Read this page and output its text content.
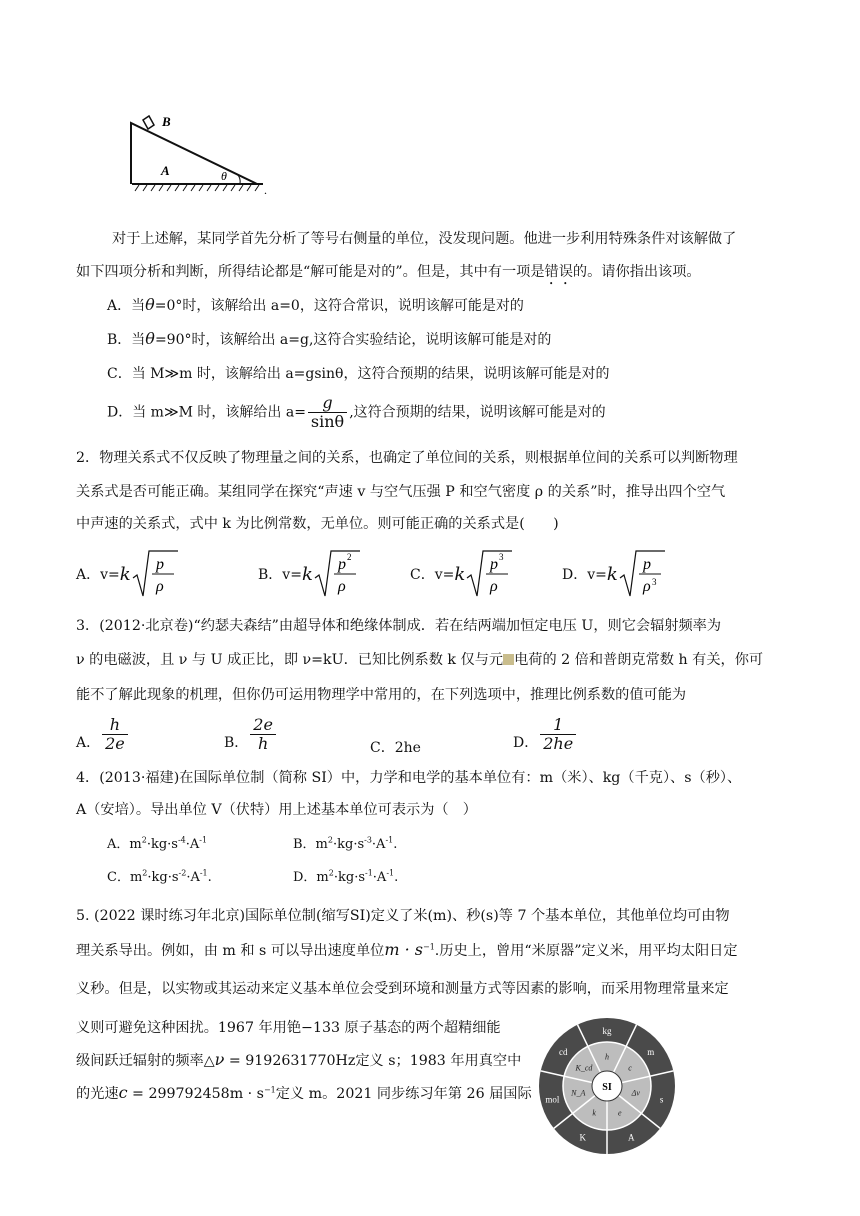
B
A	θ
.
对于上述解，某同学首先分析了等号右侧量的单位，没发现问题。他进一步利用特殊条件对该解做了
如下四项分析和判断，所得结论都是“解可能是对的”。但是，其中有一项是错误的。请你指出该项。
A．当θ=0°时，该解给出 a=0，这符合常识，说明该解可能是对的
B．当θ=90°时，该解给出 a=g,这符合实验结论，说明该解可能是对的
C．当 M≫m 时，该解给出 a=gsinθ，这符合预期的结果，说明该解可能是对的
D．当 m≫M 时，该解给出 $a= \frac{g}{\sin\theta}$ ,这符合预期的结果，说明该解可能是对的
2．物理关系式不仅反映了物理量之间的关系，也确定了单位间的关系，则根据单位间的关系可以判断物理
关系式是否可能正确。某组同学在探究“声速 v 与空气压强 P 和空气密度 ρ 的关系”时，推导出四个空气
中声速的关系式，式中 k 为比例常数，无单位。则可能正确的关系式是(　　)
A．v= k p
ρ
B．v= k p 2
ρ
C．v= k p 3
ρ
D．v= k p
ρ 3
3．(2012·北京卷)“约瑟夫森结”由超导体和绝缘体制成．若在结两端加恒定电压 U，则它会辐射频率为
ν 的电磁波，且 ν 与 U 成正比，即 ν=kU．已知比例系数 k 仅与元 电荷的 2 倍和普朗克常数 h 有关，你可
能不了解此现象的机理，但你仍可运用物理学中常用的，在下列选项中，推理比例系数的值可能为
A． $\frac{h}{2e}$	B． $\frac{2e}{h}$	C．2he	D． $\frac{1}{2he}$
4．(2013·福建)在国际单位制（简称 SI）中，力学和电学的基本单位有：m（米）、kg（千克）、s（秒）、
A（安培）。导出单位 V（伏特）用上述基本单位可表示为（　）
A．$m^2\cdot kg\cdot s^{-4}\cdot A^{-1}$	B．$m^2\cdot kg\cdot s^{-3}\cdot A^{-1}$.
C．$m^2\cdot kg\cdot s^{-2}\cdot A^{-1}$.	D．$m^2\cdot kg\cdot s^{-1}\cdot A^{-1}$.
5. (2022 课时练习年北京)国际单位制(缩写SI)定义了米(m)、秒(s)等 7 个基本单位，其他单位均可由物
理关系导出。例如，由 m 和 s 可以导出速度单位$m \cdot s^{-1}$.历史上，曾用“米原器”定义米，用平均太阳日定
义秒。但是，以实物或其运动来定义基本单位会受到环境和测量方式等因素的影响，而采用物理常量来定
义则可避免这种困扰。1967 年用铯−133 原子基态的两个超精细能
级间跃迁辐射的频率△ν = 9192631770Hz定义 s；1983 年用真空中
的光速$c = 299792458m \cdot s^{-1}$定义 m。2021 同步练习年第 26 届国际	SI
kg
m
s
A
K
mol
cd	h
c
Δν
e
k
N_A
K_cd
